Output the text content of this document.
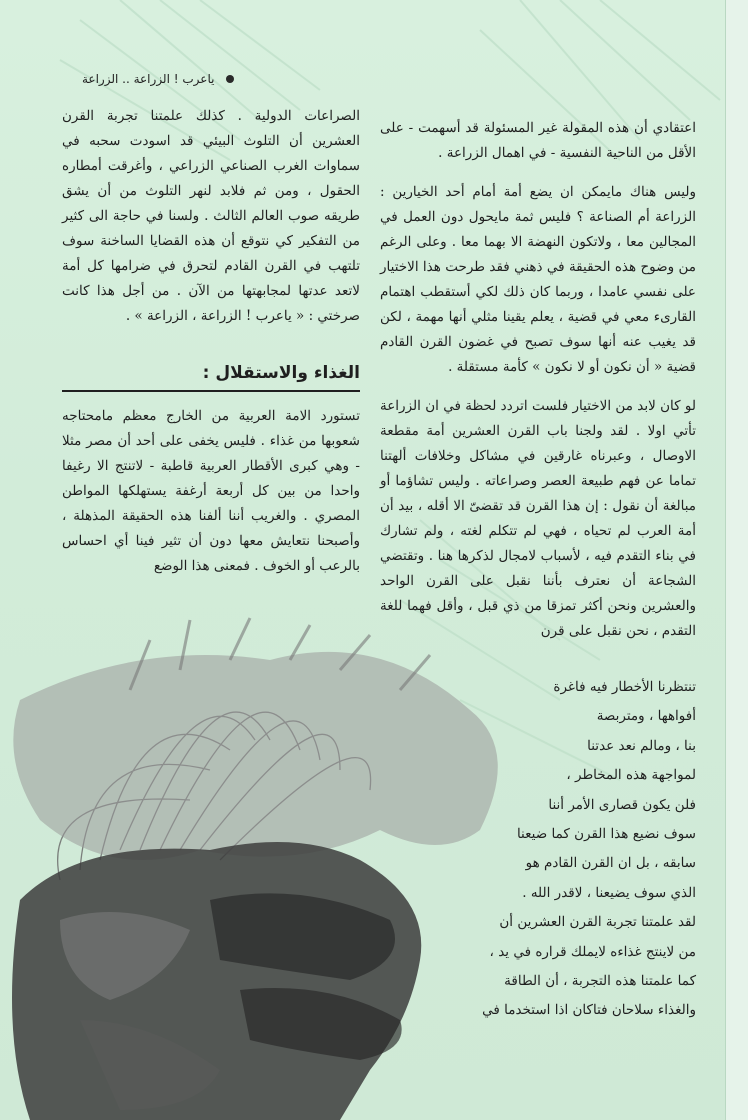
ياعرب ! الزراعة .. الزراعة

اعتقادي أن هذه المقولة غير المسئولة قد أسهمت - على الأقل من الناحية النفسية - في اهمال الزراعة .

وليس هناك مايمكن ان يضع أمة أمام أحد الخيارين : الزراعة أم الصناعة ؟ فليس ثمة مايحول دون العمل في المجالين معا ، ولاتكون النهضة الا بهما معا . وعلى الرغم من وضوح هذه الحقيقة في ذهني فقد طرحت هذا الاختيار على نفسي عامدا ، وربما كان ذلك لكي أستقطب اهتمام القارىء معي في قضية ، يعلم يقينا مثلي أنها مهمة ، لكن قد يغيب عنه أنها سوف تصبح في غضون القرن القادم قضية « أن نكون أو لا نكون » كأمة مستقلة .

لو كان لابد من الاختيار فلست اتردد لحظة في ان الزراعة تأتي اولا . لقد ولجنا باب القرن العشرين أمة مقطعة الاوصال ، وعبرناه غارقين في مشاكل وخلافات ألهتنا تماما عن فهم طبيعة العصر وصراعاته . وليس تشاؤما أو مبالغة أن نقول : إن هذا القرن قد تقضىّ الا أقله ، بيد أن أمة العرب لم تحياه ، فهي لم تتكلم لغته ، ولم تشارك في بناء التقدم فيه ، لأسباب لامجال لذكرها هنا . وتقتضي الشجاعة أن نعترف بأننا نقبل على القرن الواحد والعشرين ونحن أكثر تمزقا من ذي قبل ، وأقل فهما للغة التقدم ، نحن نقبل على قرن

تنتظرنا الأخطار فيه فاغرة
أفواهها ، ومتربصة
بنا ، ومالم نعد عدتنا
لمواجهة هذه المخاطر ،
فلن يكون قصارى الأمر أننا
سوف نضيع هذا القرن كما ضيعنا
سابقه ، بل ان القرن القادم هو
الذي سوف يضيعنا ، لاقدر الله .
لقد علمتنا تجربة القرن العشرين أن
من لاينتج غذاءه لايملك قراره في يد ،
كما علمتنا هذه التجربة ، أن الطاقة
والغذاء سلاحان فتاكان اذا استخدما في

الصراعات الدولية . كذلك علمتنا تجربة القرن العشرين أن التلوث البيئي قد اسودت سحبه في سماوات الغرب الصناعي الزراعي ، وأغرقت أمطاره الحقول ، ومن ثم فلابد لنهر التلوث من أن يشق طريقه صوب العالم الثالث . ولسنا في حاجة الى كثير من التفكير كي نتوقع أن هذه القضايا الساخنة سوف تلتهب في القرن القادم لتحرق في ضرامها كل أمة لاتعد عدتها لمجابهتها من الآن . من أجل هذا كانت صرختي : « ياعرب ! الزراعة ، الزراعة » .

الغذاء والاستقلال :

تستورد الامة العربية من الخارج معظم مامحتاجه شعوبها من غذاء . فليس يخفى على أحد أن مصر مثلا - وهي كبرى الأقطار العربية قاطبة - لاتنتج الا رغيفا واحدا من بين كل أربعة أرغفة يستهلكها المواطن المصري . والغريب أننا ألفنا هذه الحقيقة المذهلة ، وأصبحنا نتعايش معها دون أن تثير فينا أي احساس بالرعب أو الخوف . فمعنى هذا الوضع
